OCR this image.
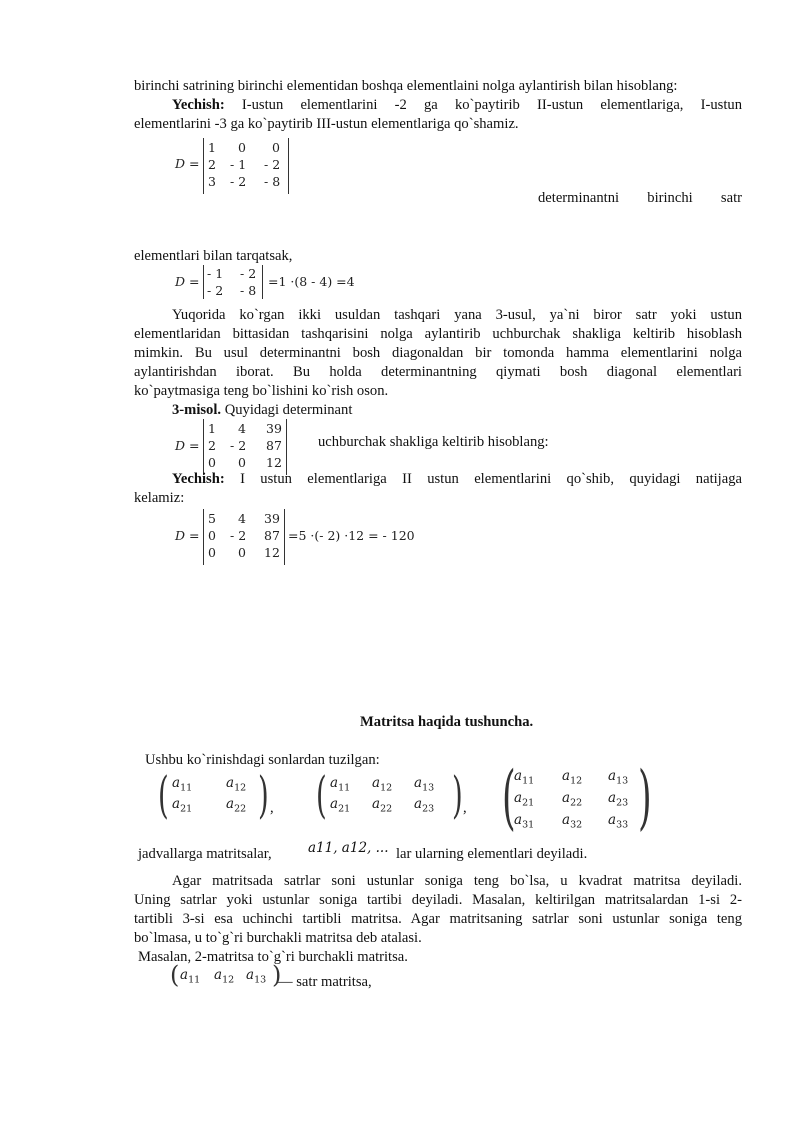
birinchi satrining birinchi elementidan boshqa elementlaini nolga aylantirish bilan hisoblang:
Yechish: I-ustun elementlarini -2 ga ko`paytirib II-ustun elementlariga, I-ustun
elementlarini -3 ga ko`paytirib III-ustun elementlariga qo`shamiz.
D =
1 0 0
2 - 1 - 2
3 - 2 - 8
determinantni birinchi satr
elementlari bilan tarqatsak,
D =
- 1 - 2
- 2 - 8
=1 ·(8 - 4) =4
Yuqorida ko`rgan ikki usuldan tashqari yana 3-usul, ya`ni biror satr yoki ustun
elementlaridan bittasidan tashqarisini nolga aylantirib uchburchak shakliga keltirib hisoblash
mimkin. Bu usul determinantni bosh diagonaldan bir tomonda hamma elementlarini nolga
aylantirishdan iborat. Bu holda determinantning qiymati bosh diagonal elementlari
ko`paytmasiga teng bo`lishini ko`rish oson.
3-misol. Quyidagi determinant
D =
1 4 39
2 - 2 87
0 0 12
uchburchak shakliga keltirib hisoblang:
Yechish: I ustun elementlariga II ustun elementlarini qo`shib, quyidagi natijaga
kelamiz:
D =
5 4 39
0 - 2 87
0 0 12
=5 ·(- 2) ·12 = - 120
Matritsa haqida tushuncha.
Ushbu ko`rinishdagi sonlardan tuzilgan:
( $a_{11}$	$a_{12}$
$a_{21}$	$a_{22}$ ) , ( $a_{11}$ $a_{12}$ $a_{13}$
$a_{21}$ $a_{22}$ $a_{23}$ ) , (
$a_{11}$ $a_{12}$ $a_{13}$
$a_{21}$ $a_{22}$ $a_{23}$
$a_{31}$ $a_{32}$ $a_{33}$ )
jadvallarga matritsalar,	a11, a12, ... lar ularning elementlari deyiladi.
Agar matritsada satrlar soni ustunlar soniga teng bo`lsa, u kvadrat matritsa deyiladi.
Uning satrlar yoki ustunlar soniga tartibi deyiladi. Masalan, keltirilgan matritsalardan 1-si 2-
tartibli 3-si esa uchinchi tartibli matritsa. Agar matritsaning satrlar soni ustunlar soniga teng
bo`lmasa, u to`g`ri burchakli matritsa deb atalasi.
Masalan, 2-matritsa to`g`ri burchakli matritsa.
( $a_{11}$ $a_{12}$ $a_{13}$ )
— satr matritsa,
